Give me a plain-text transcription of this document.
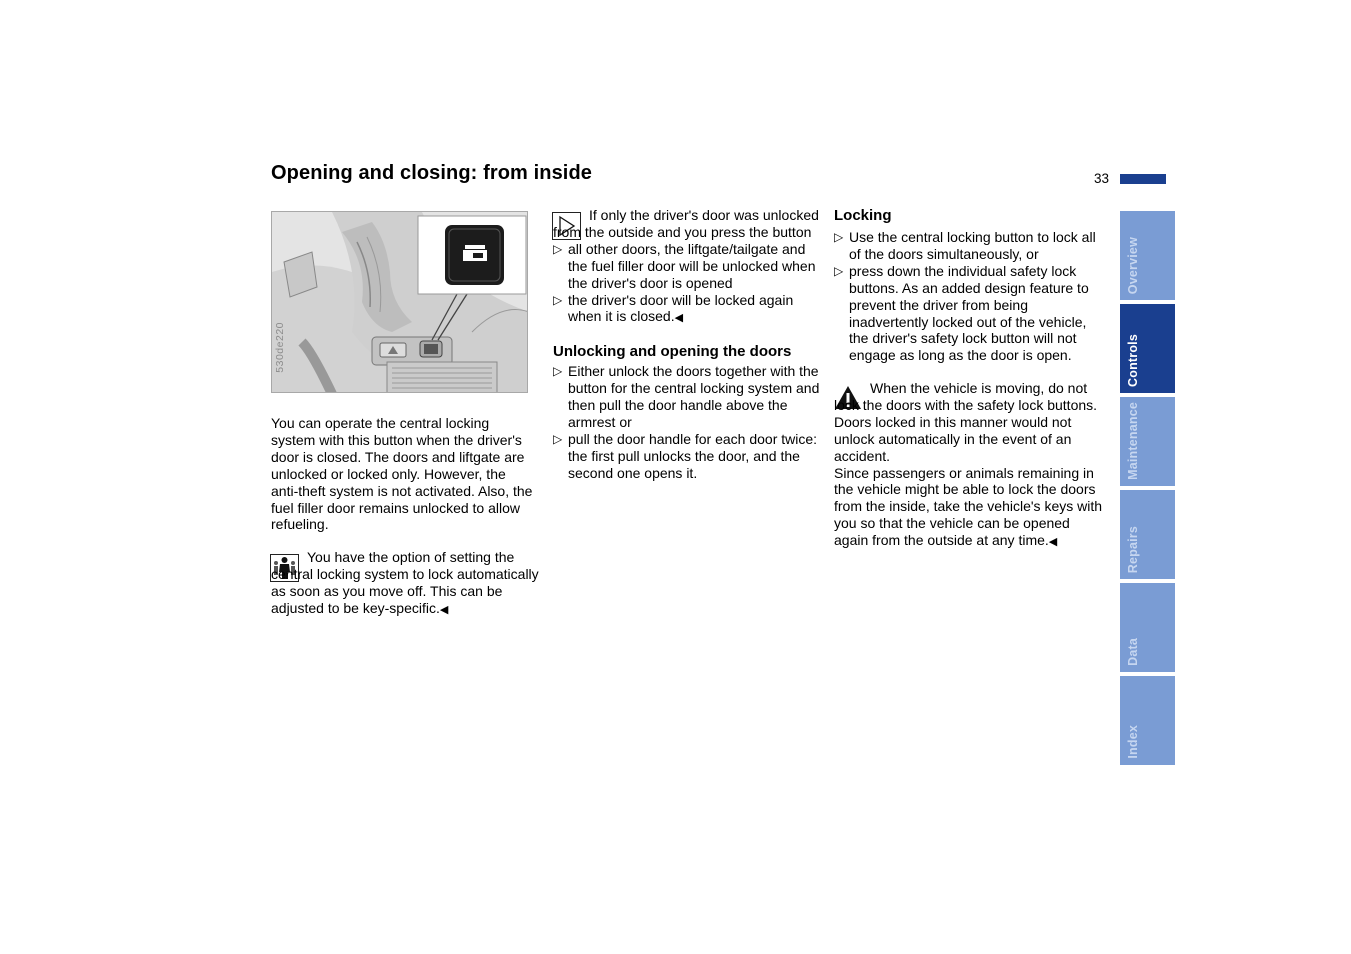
Opening and closing: from inside	33
530de220

You can operate the central locking system with this button when the driver's door is closed. The doors and liftgate are unlocked or locked only. However, the anti-theft system is not activated. Also, the fuel filler door remains unlocked to allow refueling.

You have the option of setting the central locking system to lock automatically as soon as you move off. This can be adjusted to be key-specific.◀

If only the driver's door was unlocked from the outside and you press the button

▷ all other doors, the liftgate/tailgate and the fuel filler door will be unlocked when the driver's door is opened
▷ the driver's door will be locked again when it is closed.◀
Unlocking and opening the doors
▷ Either unlock the doors together with the button for the central locking system and then pull the door handle above the armrest or
▷ pull the door handle for each door twice: the first pull unlocks the door, and the second one opens it.
Locking
▷ Use the central locking button to lock all of the doors simultaneously, or
▷ press down the individual safety lock buttons. As an added design feature to prevent the driver from being inadvertently locked out of the vehicle, the driver's safety lock button will not engage as long as the door is open.

When the vehicle is moving, do not lock the doors with the safety lock buttons. Doors locked in this manner would not unlock automatically in the event of an accident.

Since passengers or animals remaining in the vehicle might be able to lock the doors from the inside, take the vehicle's keys with you so that the vehicle can be opened again from the outside at any time.◀

Overview
Controls
Maintenance
Repairs
Data
Index
